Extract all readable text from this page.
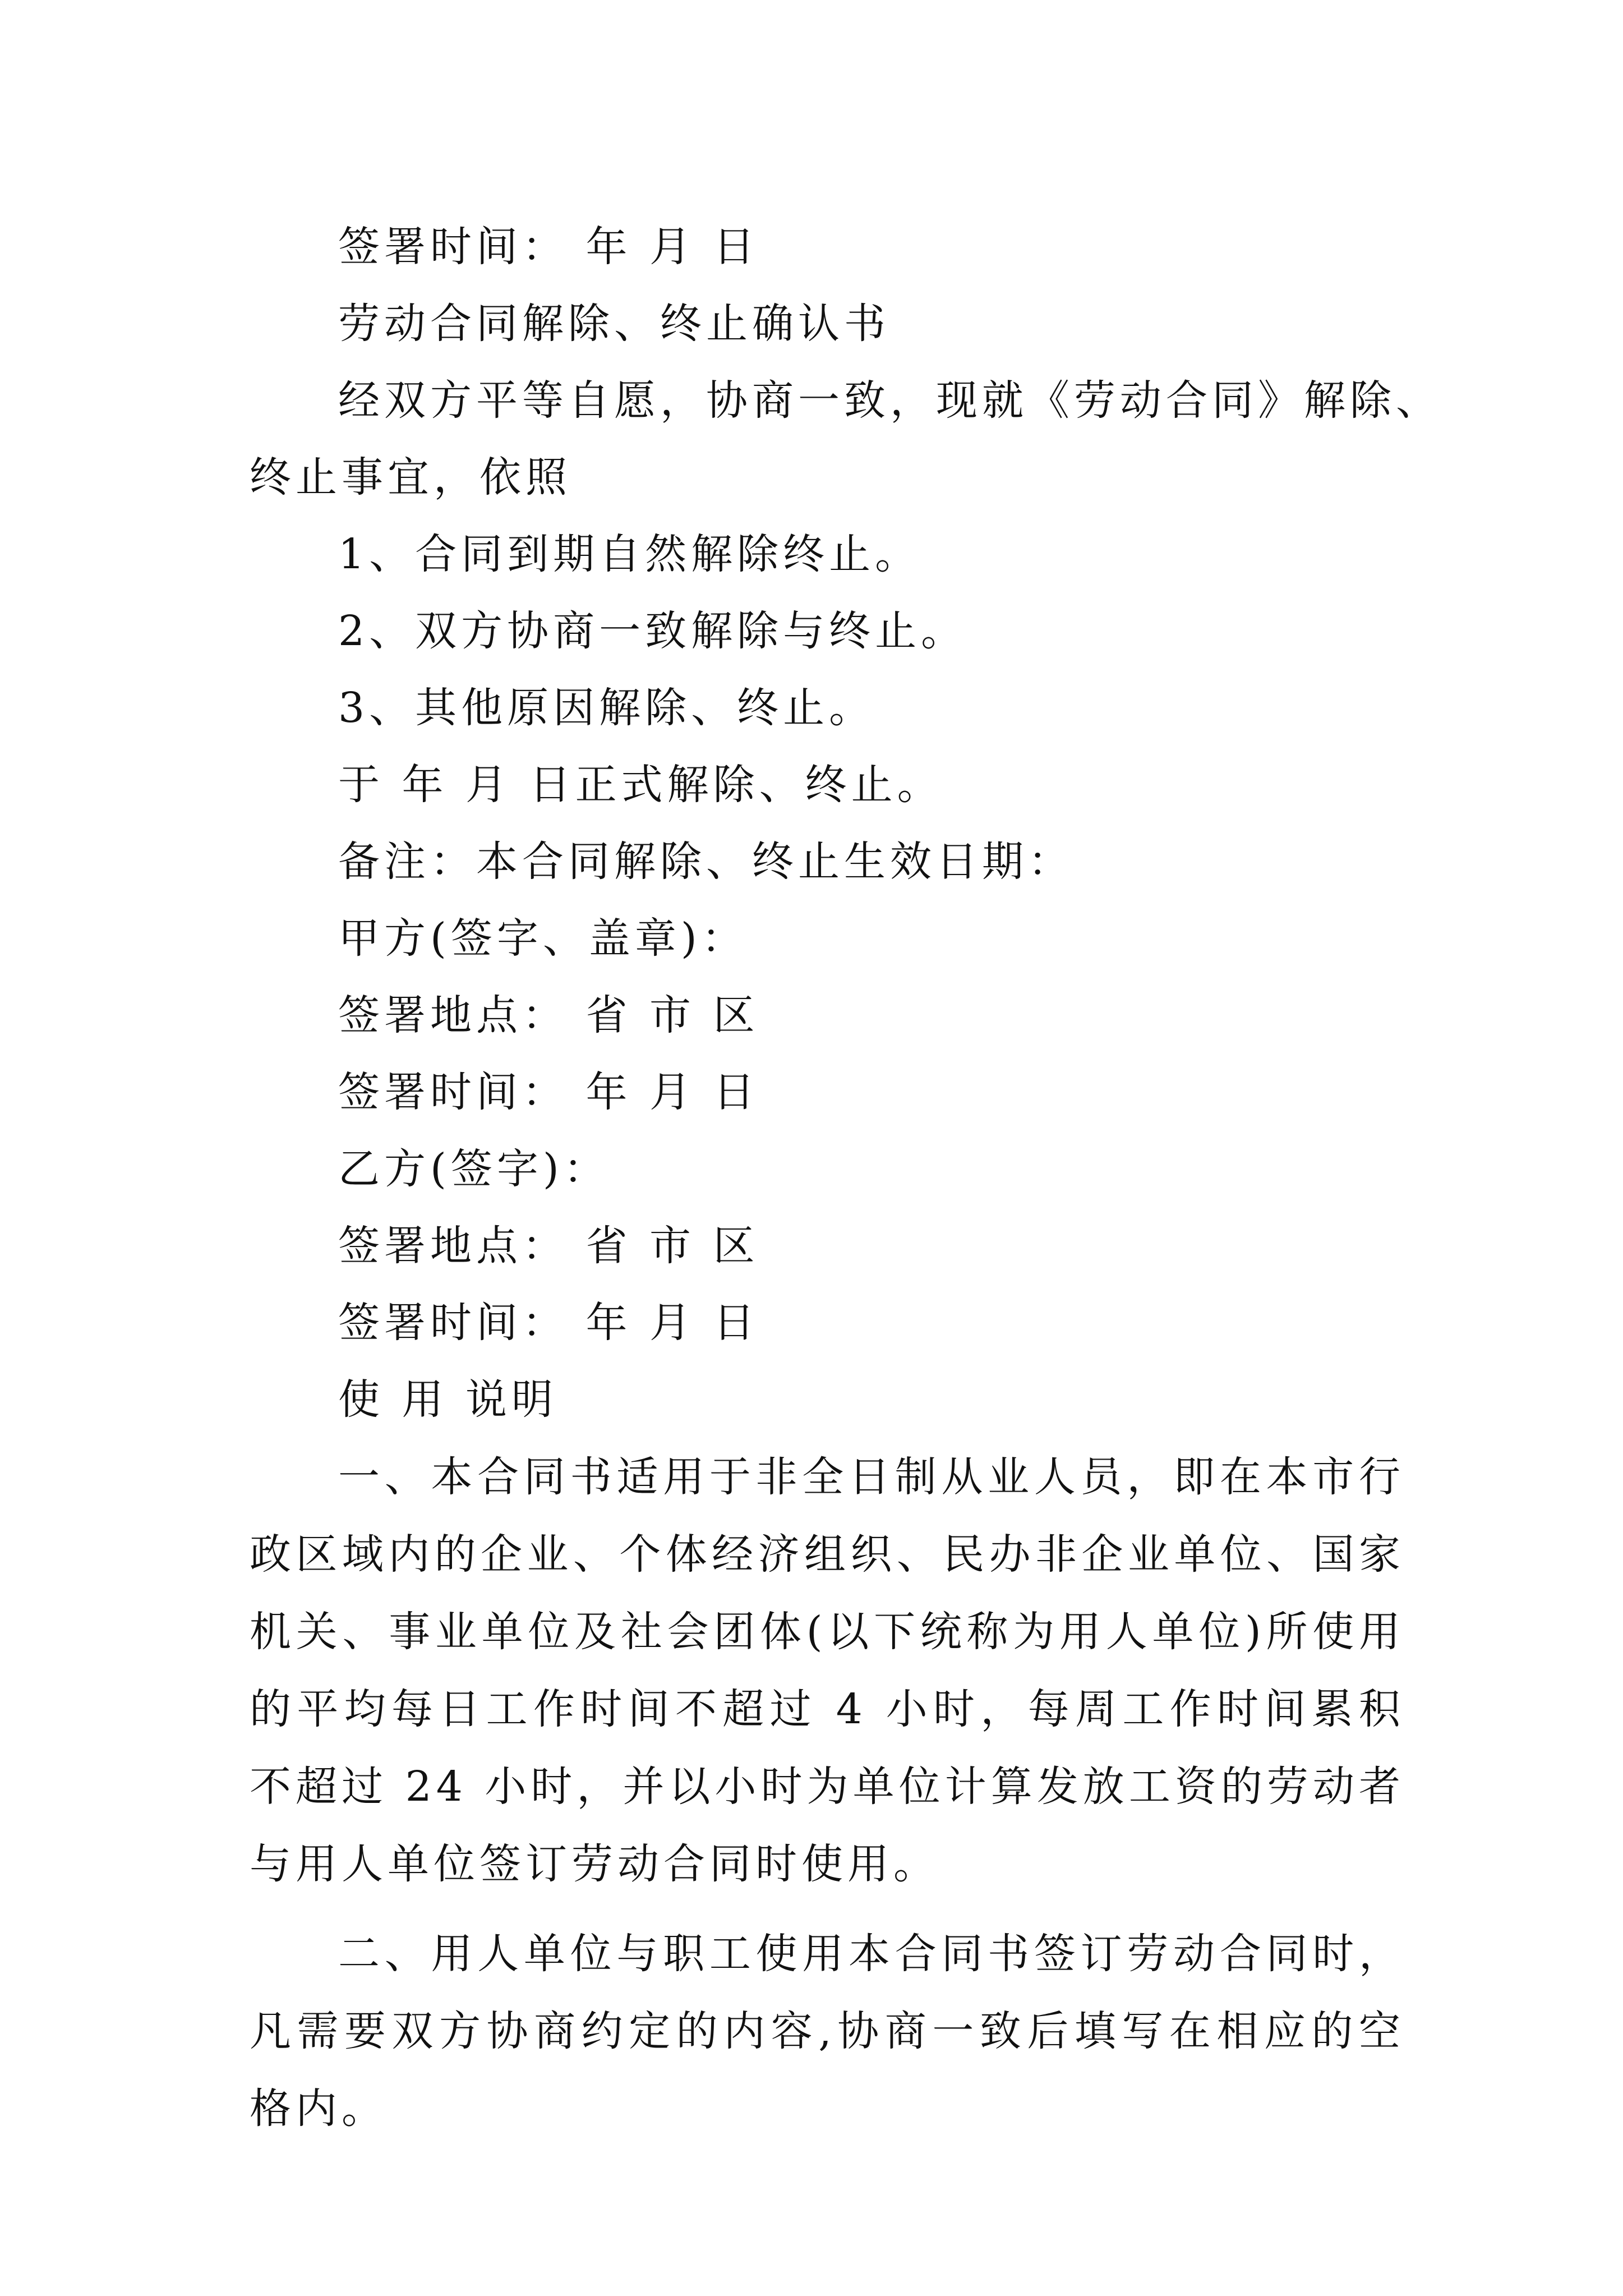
签署时间： 年 月 日
劳动合同解除、终止确认书
经双方平等自愿，协商一致，现就《劳动合同》解除、
终止事宜，依照
1、合同到期自然解除终止。
2、双方协商一致解除与终止。
3、其他原因解除、终止。
于 年 月 日正式解除、终止。
备注：本合同解除、终止生效日期：
甲方(签字、盖章)：
签署地点： 省 市 区
签署时间： 年 月 日
乙方(签字)：
签署地点： 省 市 区
签署时间： 年 月 日
使 用 说明

一、本合同书适用于非全日制从业人员，即在本市行政区域内的企业、个体经济组织、民办非企业单位、国家机关、事业单位及社会团体(以下统称为用人单位)所使用的平均每日工作时间不超过 4 小时，每周工作时间累积不超过 24 小时，并以小时为单位计算发放工资的劳动者与用人单位签订劳动合同时使用。

二、用人单位与职工使用本合同书签订劳动合同时，凡需要双方协商约定的内容,协商一致后填写在相应的空格内。
